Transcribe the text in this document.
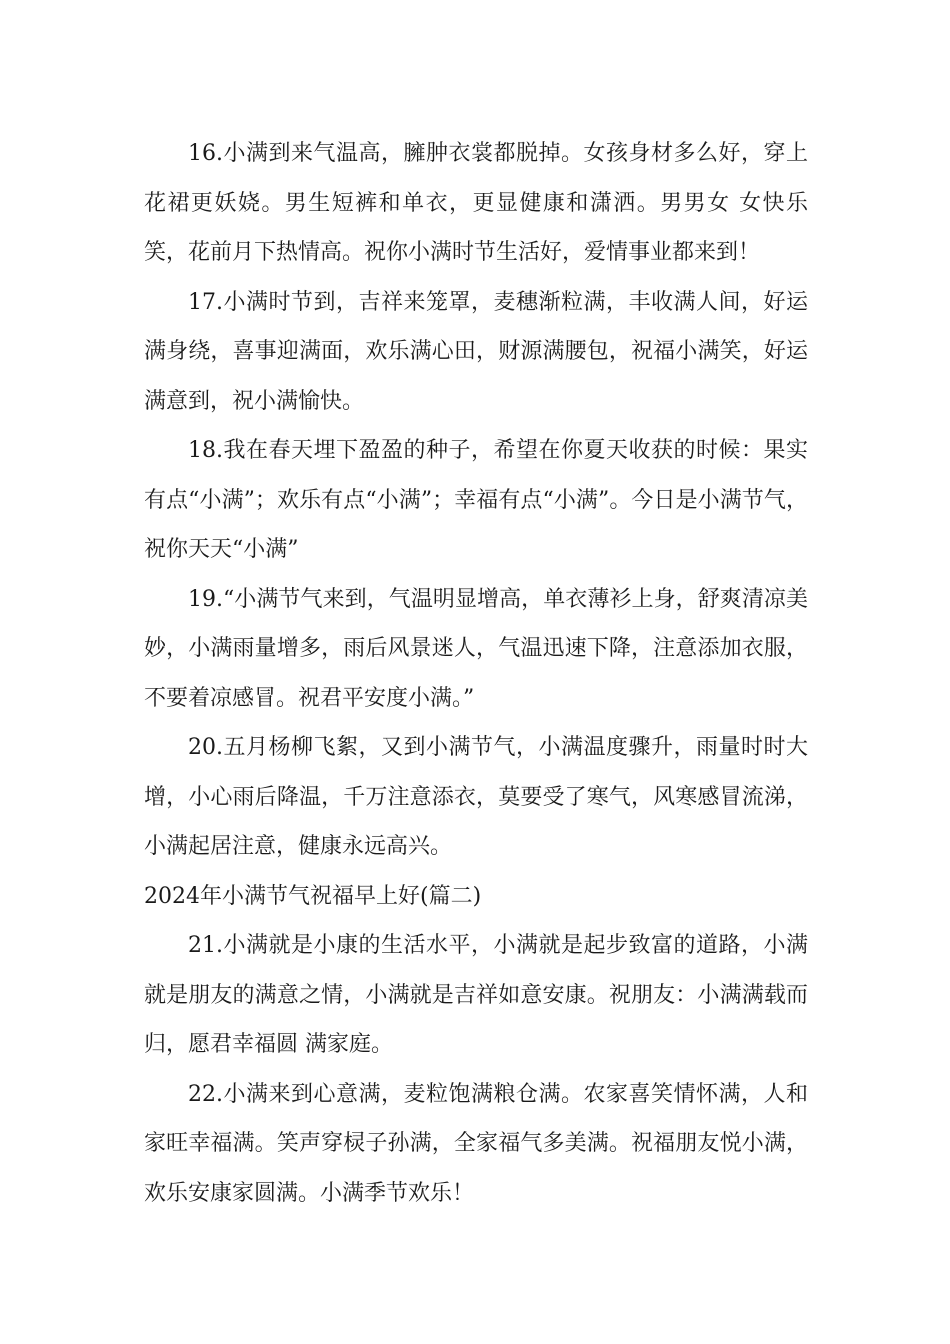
16.小满到来气温高，臃肿衣裳都脱掉。女孩身材多么好，穿上花裙更妖娆。男生短裤和单衣，更显健康和潇洒。男男女 女快乐笑，花前月下热情高。祝你小满时节生活好，爱情事业都来到！

17.小满时节到，吉祥来笼罩，麦穗渐粒满，丰收满人间，好运满身绕，喜事迎满面，欢乐满心田，财源满腰包，祝福小满笑，好运满意到，祝小满愉快。

18.我在春天埋下盈盈的种子，希望在你夏天收获的时候：果实有点“小满”；欢乐有点“小满”；幸福有点“小满”。今日是小满节气，祝你天天“小满”

19.“小满节气来到，气温明显增高，单衣薄衫上身，舒爽清凉美妙，小满雨量增多，雨后风景迷人，气温迅速下降，注意添加衣服，不要着凉感冒。祝君平安度小满。”

20.五月杨柳飞絮，又到小满节气，小满温度骤升，雨量时时大增，小心雨后降温，千万注意添衣，莫要受了寒气，风寒感冒流涕，小满起居注意，健康永远高兴。

2024年小满节气祝福早上好(篇二)

21.小满就是小康的生活水平，小满就是起步致富的道路，小满就是朋友的满意之情，小满就是吉祥如意安康。祝朋友：小满满载而归，愿君幸福圆 满家庭。

22.小满来到心意满，麦粒饱满粮仓满。农家喜笑情怀满，人和家旺幸福满。笑声穿棂子孙满，全家福气多美满。祝福朋友悦小满，欢乐安康家圆满。小满季节欢乐！
